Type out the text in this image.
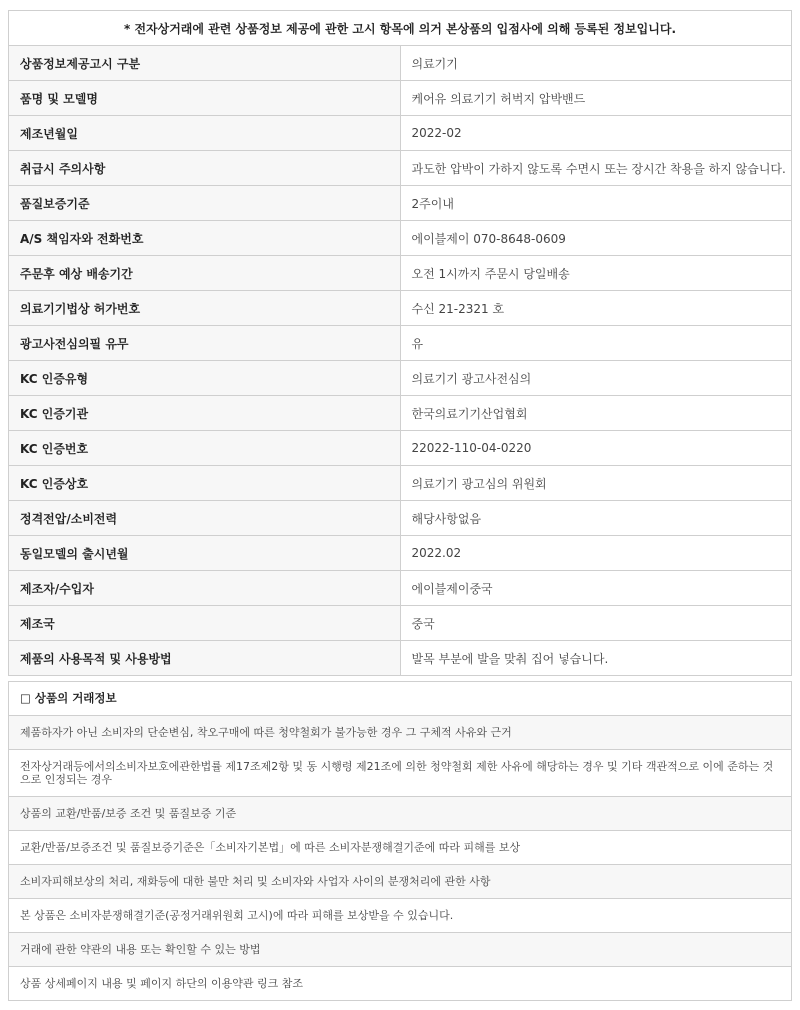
* 전자상거래에 관련 상품정보 제공에 관한 고시 항목에 의거 본상품의 입점사에 의해 등록된 정보입니다.	
상품정보제공고시 구분	의료기기
품명 및 모델명	케어유 의료기기 허벅지 압박밴드
제조년월일	2022-02
취급시 주의사항	과도한 압박이 가하지 않도록 수면시 또는 장시간 착용을 하지 않습니다.
품질보증기준	2주이내
A/S 책임자와 전화번호	에이블제이 070-8648-0609
주문후 예상 배송기간	오전 1시까지 주문시 당일배송
의료기기법상 허가번호	수신 21-2321 호
광고사전심의필 유무	유
KC 인증유형	의료기기 광고사전심의
KC 인증기관	한국의료기기산업협회
KC 인증번호	22022-110-04-0220
KC 인증상호	의료기기 광고심의 위원회
정격전압/소비전력	해당사항없음
동일모델의 출시년월	2022.02
제조자/수입자	에이블제이중국
제조국	중국
제품의 사용목적 및 사용방법	발목 부분에 발을 맞춰 집어 넣습니다.
□ 상품의 거래정보
제품하자가 아닌 소비자의 단순변심, 착오구매에 따른 청약철회가 불가능한 경우 그 구체적 사유와 근거
전자상거래등에서의소비자보호에관한법률 제17조제2항 및 동 시행령 제21조에 의한 청약철회 제한 사유에 해당하는 경우 및 기타 객관적으로 이에 준하는 것으로 인정되는 경우
상품의 교환/반품/보증 조건 및 품질보증 기준
교환/반품/보증조건 및 품질보증기준은「소비자기본법」에 따른 소비자분쟁해결기준에 따라 피해를 보상
소비자피해보상의 처리, 재화등에 대한 불만 처리 및 소비자와 사업자 사이의 분쟁처리에 관한 사항
본 상품은 소비자분쟁해결기준(공정거래위원회 고시)에 따라 피해를 보상받을 수 있습니다.
거래에 관한 약관의 내용 또는 확인할 수 있는 방법
상품 상세페이지 내용 및 페이지 하단의 이용약관 링크 참조
